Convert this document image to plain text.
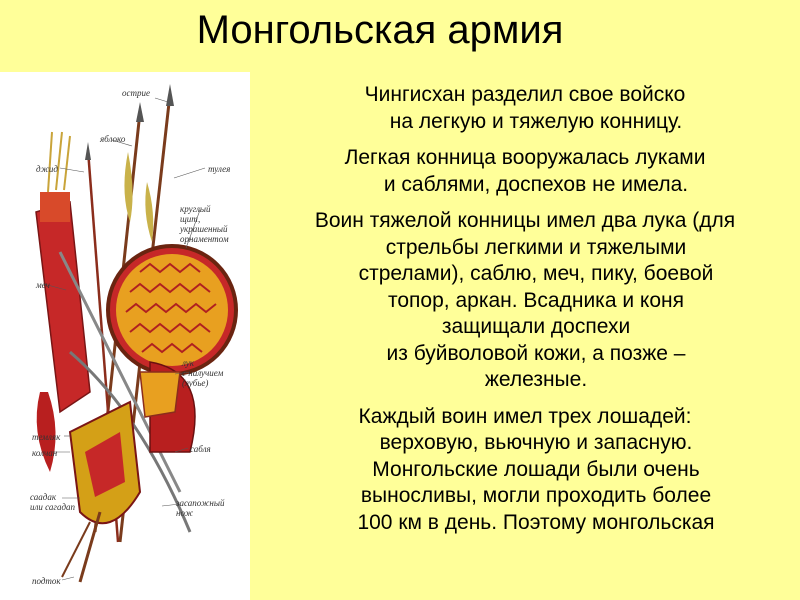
Монгольская армия
острие
яблоко
джид	тулея
круглый
щит,
украшенный
орнаментом
меч
лук
с налучием
(лубье)
темляк
колчан	сабля
саадак
или сагадап	засапожный
нож
подток
Чингисхан разделил свое войско
на легкую и тяжелую конницу.
Легкая конница вооружалась луками
и саблями, доспехов не имела.
Воин тяжелой конницы имел два лука (для
стрельбы легкими и тяжелыми
стрелами), саблю, меч, пику, боевой
топор, аркан. Всадника и коня
защищали доспехи
из буйволовой кожи, а позже –
железные.
Каждый воин имел трех лошадей:
верховую, вьючную и запасную.
Монгольские лошади были очень
выносливы, могли проходить более
100 км в день. Поэтому монгольская
